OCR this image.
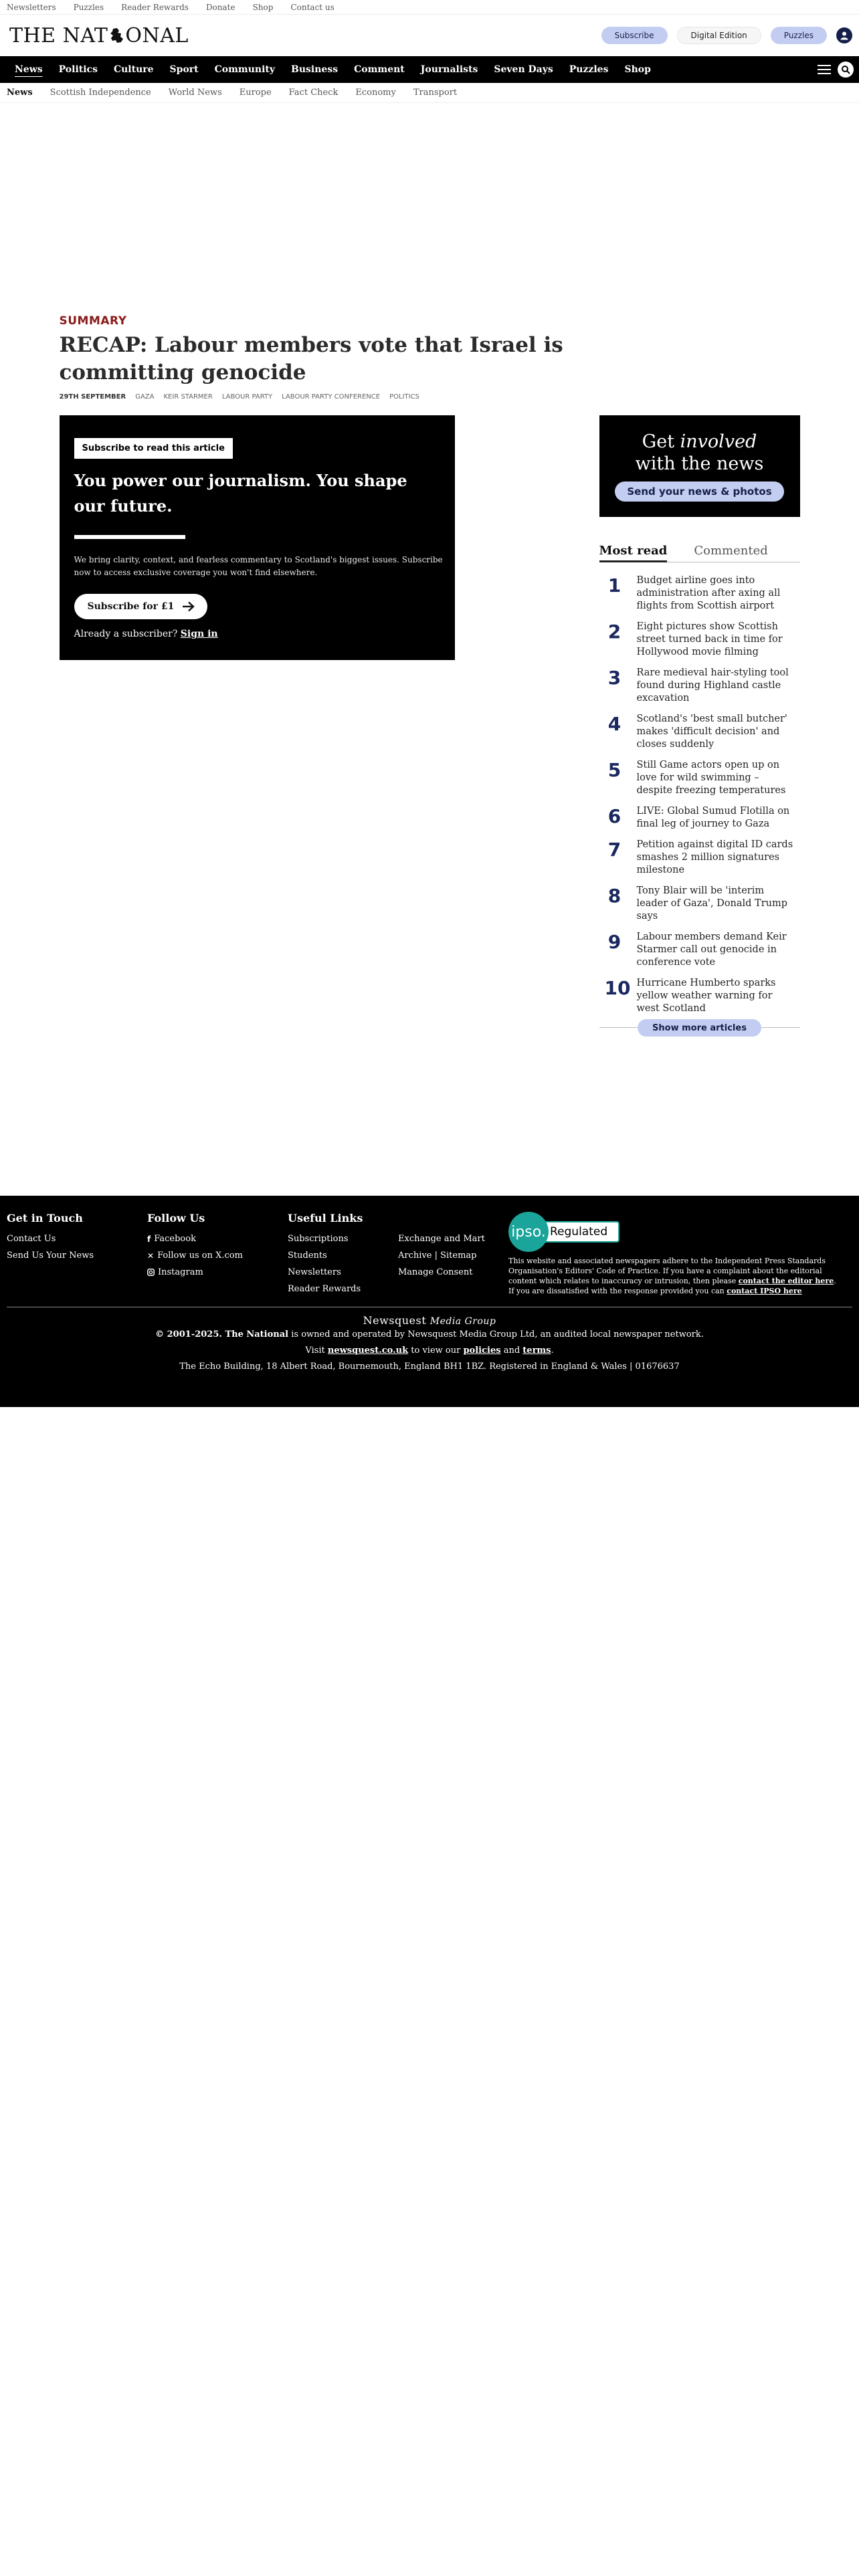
Newsletters Puzzles Reader Rewards Donate Shop Contact us
THE NAT ONAL	Subscribe	Digital Edition	Puzzles
News	Politics	Culture	Sport	Community	Business	Comment	Journalists	Seven Days	Puzzles	Shop
News	Scottish Independence	World News	Europe	Fact Check	Economy	Transport
SUMMARY
RECAP: Labour members vote that Israel is committing genocide
29TH SEPTEMBER GAZA KEIR STARMER LABOUR PARTY LABOUR PARTY CONFERENCE POLITICS
Subscribe to read this article
You power our journalism. You shape our future.
We bring clarity, context, and fearless commentary to Scotland's biggest issues. Subscribe now to access exclusive coverage you won't find elsewhere.
Subscribe for £1
Already a subscriber? Sign in
Get involved
with the news
Send your news & photos
Most read Commented
1	Budget airline goes into administration after axing all flights from Scottish airport
2	Eight pictures show Scottish street turned back in time for Hollywood movie filming
3	Rare medieval hair-styling tool found during Highland castle excavation
4	Scotland's 'best small butcher' makes 'difficult decision' and closes suddenly
5	Still Game actors open up on love for wild swimming – despite freezing temperatures
6	LIVE: Global Sumud Flotilla on final leg of journey to Gaza
7	Petition against digital ID cards smashes 2 million signatures milestone
8	Tony Blair will be 'interim leader of Gaza', Donald Trump says
9	Labour members demand Keir Starmer call out genocide in conference vote
10 Hurricane Humberto sparks yellow weather warning for west Scotland
Show more articles
Get in Touch
Contact Us
Send Us Your News
Follow Us
f Facebook
✕ Follow us on X.com
Instagram
Useful Links
Subscriptions	Exchange and Mart
Students	Archive | Sitemap
Newsletters	Manage Consent
Reader Rewards
ipso. Regulated
This website and associated newspapers adhere to the Independent Press Standards Organisation's Editors' Code of Practice. If you have a complaint about the editorial content which relates to inaccuracy or intrusion, then please contact the editor here. If you are dissatisfied with the response provided you can contact IPSO here
Newsquest Media Group
© 2001-2025. The National is owned and operated by Newsquest Media Group Ltd, an audited local newspaper network.
Visit newsquest.co.uk to view our policies and terms.
The Echo Building, 18 Albert Road, Bournemouth, England BH1 1BZ. Registered in England & Wales | 01676637
